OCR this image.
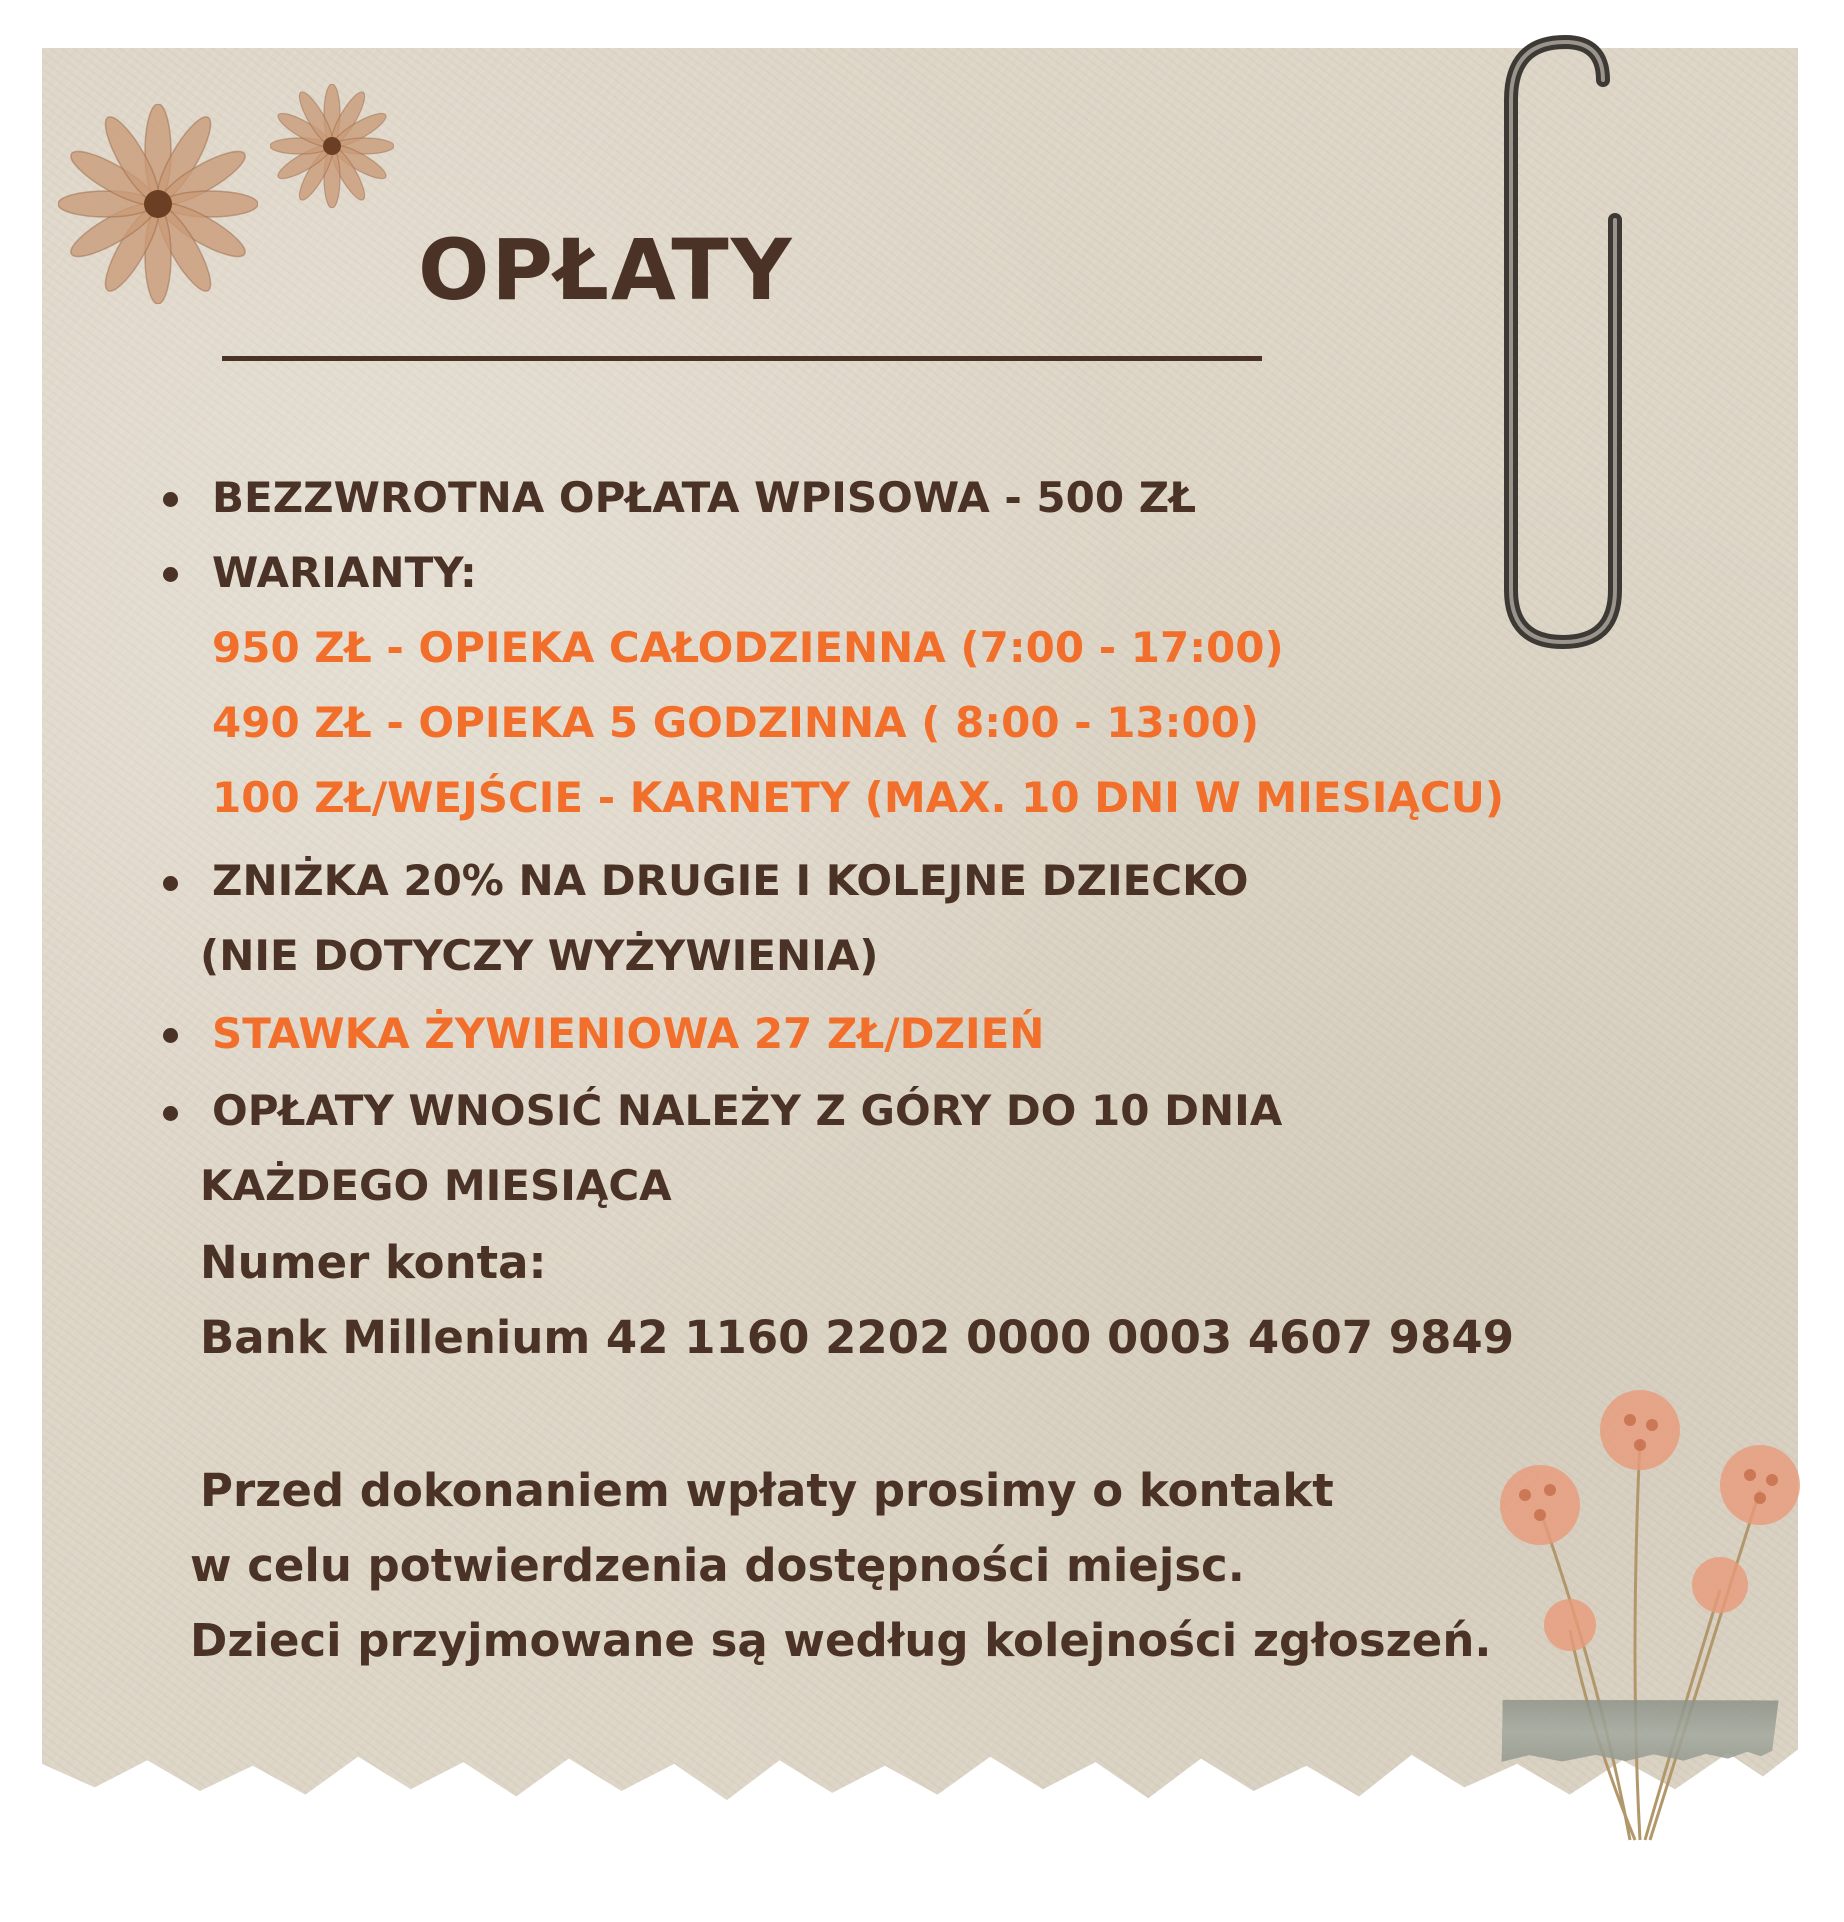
OPŁATY
BEZZWROTNA OPŁATA WPISOWA - 500 ZŁ
WARIANTY:
950 ZŁ - OPIEKA CAŁODZIENNA (7:00 - 17:00)
490 ZŁ - OPIEKA 5 GODZINNA ( 8:00 - 13:00)
100 ZŁ/WEJŚCIE - KARNETY (MAX. 10 DNI W MIESIĄCU)
ZNIŻKA 20% NA DRUGIE I KOLEJNE DZIECKO
(NIE DOTYCZY WYŻYWIENIA)
STAWKA ŻYWIENIOWA 27 ZŁ/DZIEŃ
OPŁATY WNOSIĆ NALEŻY Z GÓRY DO 10 DNIA
KAŻDEGO MIESIĄCA
Numer konta:
Bank Millenium 42 1160 2202 0000 0003 4607 9849
Przed dokonaniem wpłaty prosimy o kontakt
w celu potwierdzenia dostępności miejsc.
Dzieci przyjmowane są według kolejności zgłoszeń.
